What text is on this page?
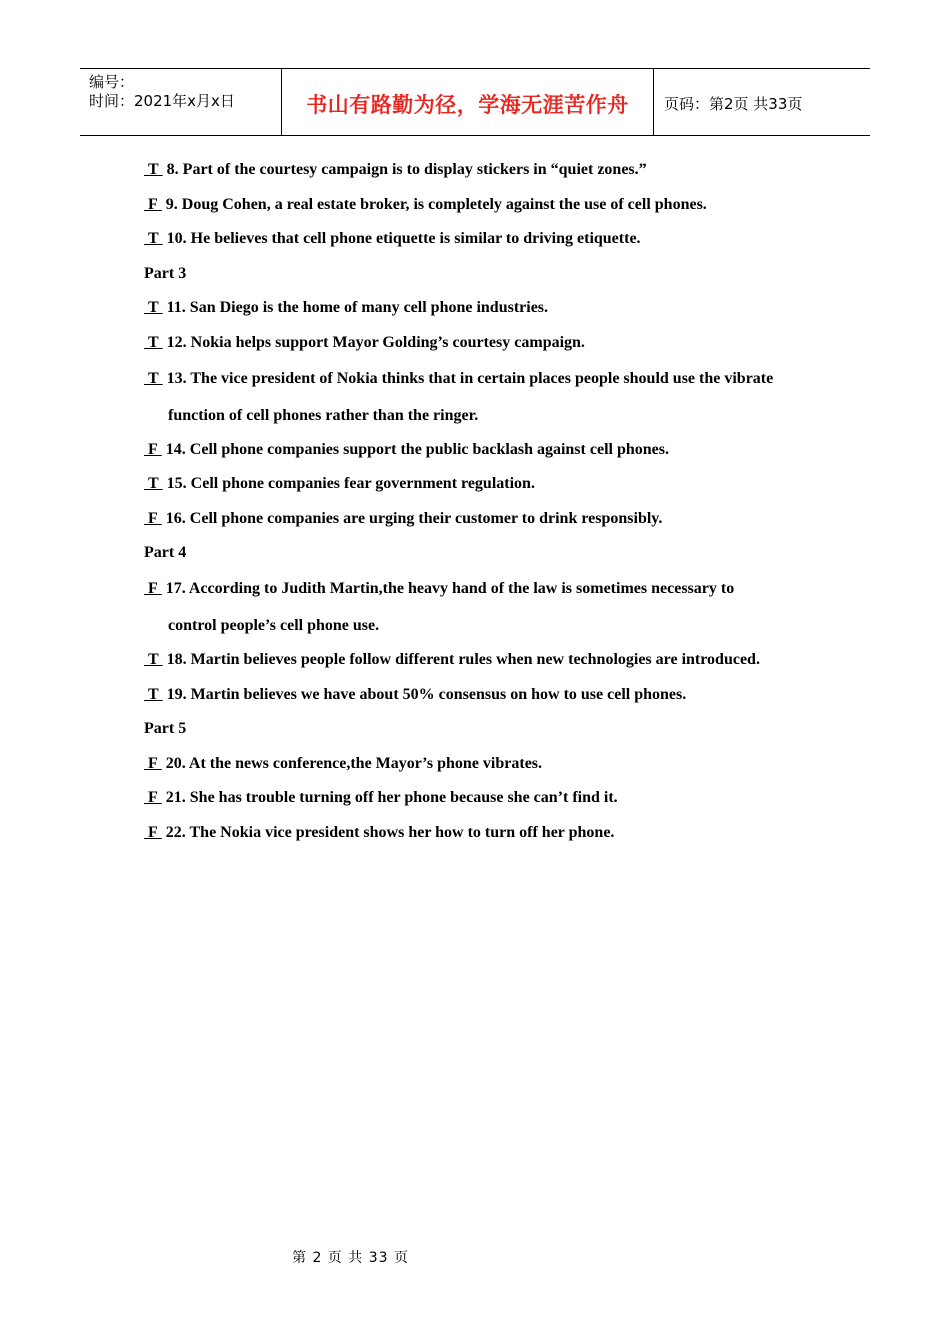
编号：
时间：2021年x月x日	书山有路勤为径，学海无涯苦作舟	页码：第2页 共33页
T 8. Part of the courtesy campaign is to display stickers in “quiet zones.”
F 9. Doug Cohen, a real estate broker, is completely against the use of cell phones.
T 10. He believes that cell phone etiquette is similar to driving etiquette.
Part 3
T 11. San Diego is the home of many cell phone industries.
T 12. Nokia helps support Mayor Golding’s courtesy campaign.
T 13. The vice president of Nokia thinks that in certain places people should use the vibrate
function of cell phones rather than the ringer.
F 14. Cell phone companies support the public backlash against cell phones.
T 15. Cell phone companies fear government regulation.
F 16. Cell phone companies are urging their customer to drink responsibly.
Part 4
F 17. According to Judith Martin,the heavy hand of the law is sometimes necessary to
control people’s cell phone use.
T 18. Martin believes people follow different rules when new technologies are introduced.
T 19. Martin believes we have about 50% consensus on how to use cell phones.
Part 5
F 20. At the news conference,the Mayor’s phone vibrates.
F 21. She has trouble turning off her phone because she can’t find it.
F 22. The Nokia vice president shows her how to turn off her phone.
第 2 页 共 33 页
